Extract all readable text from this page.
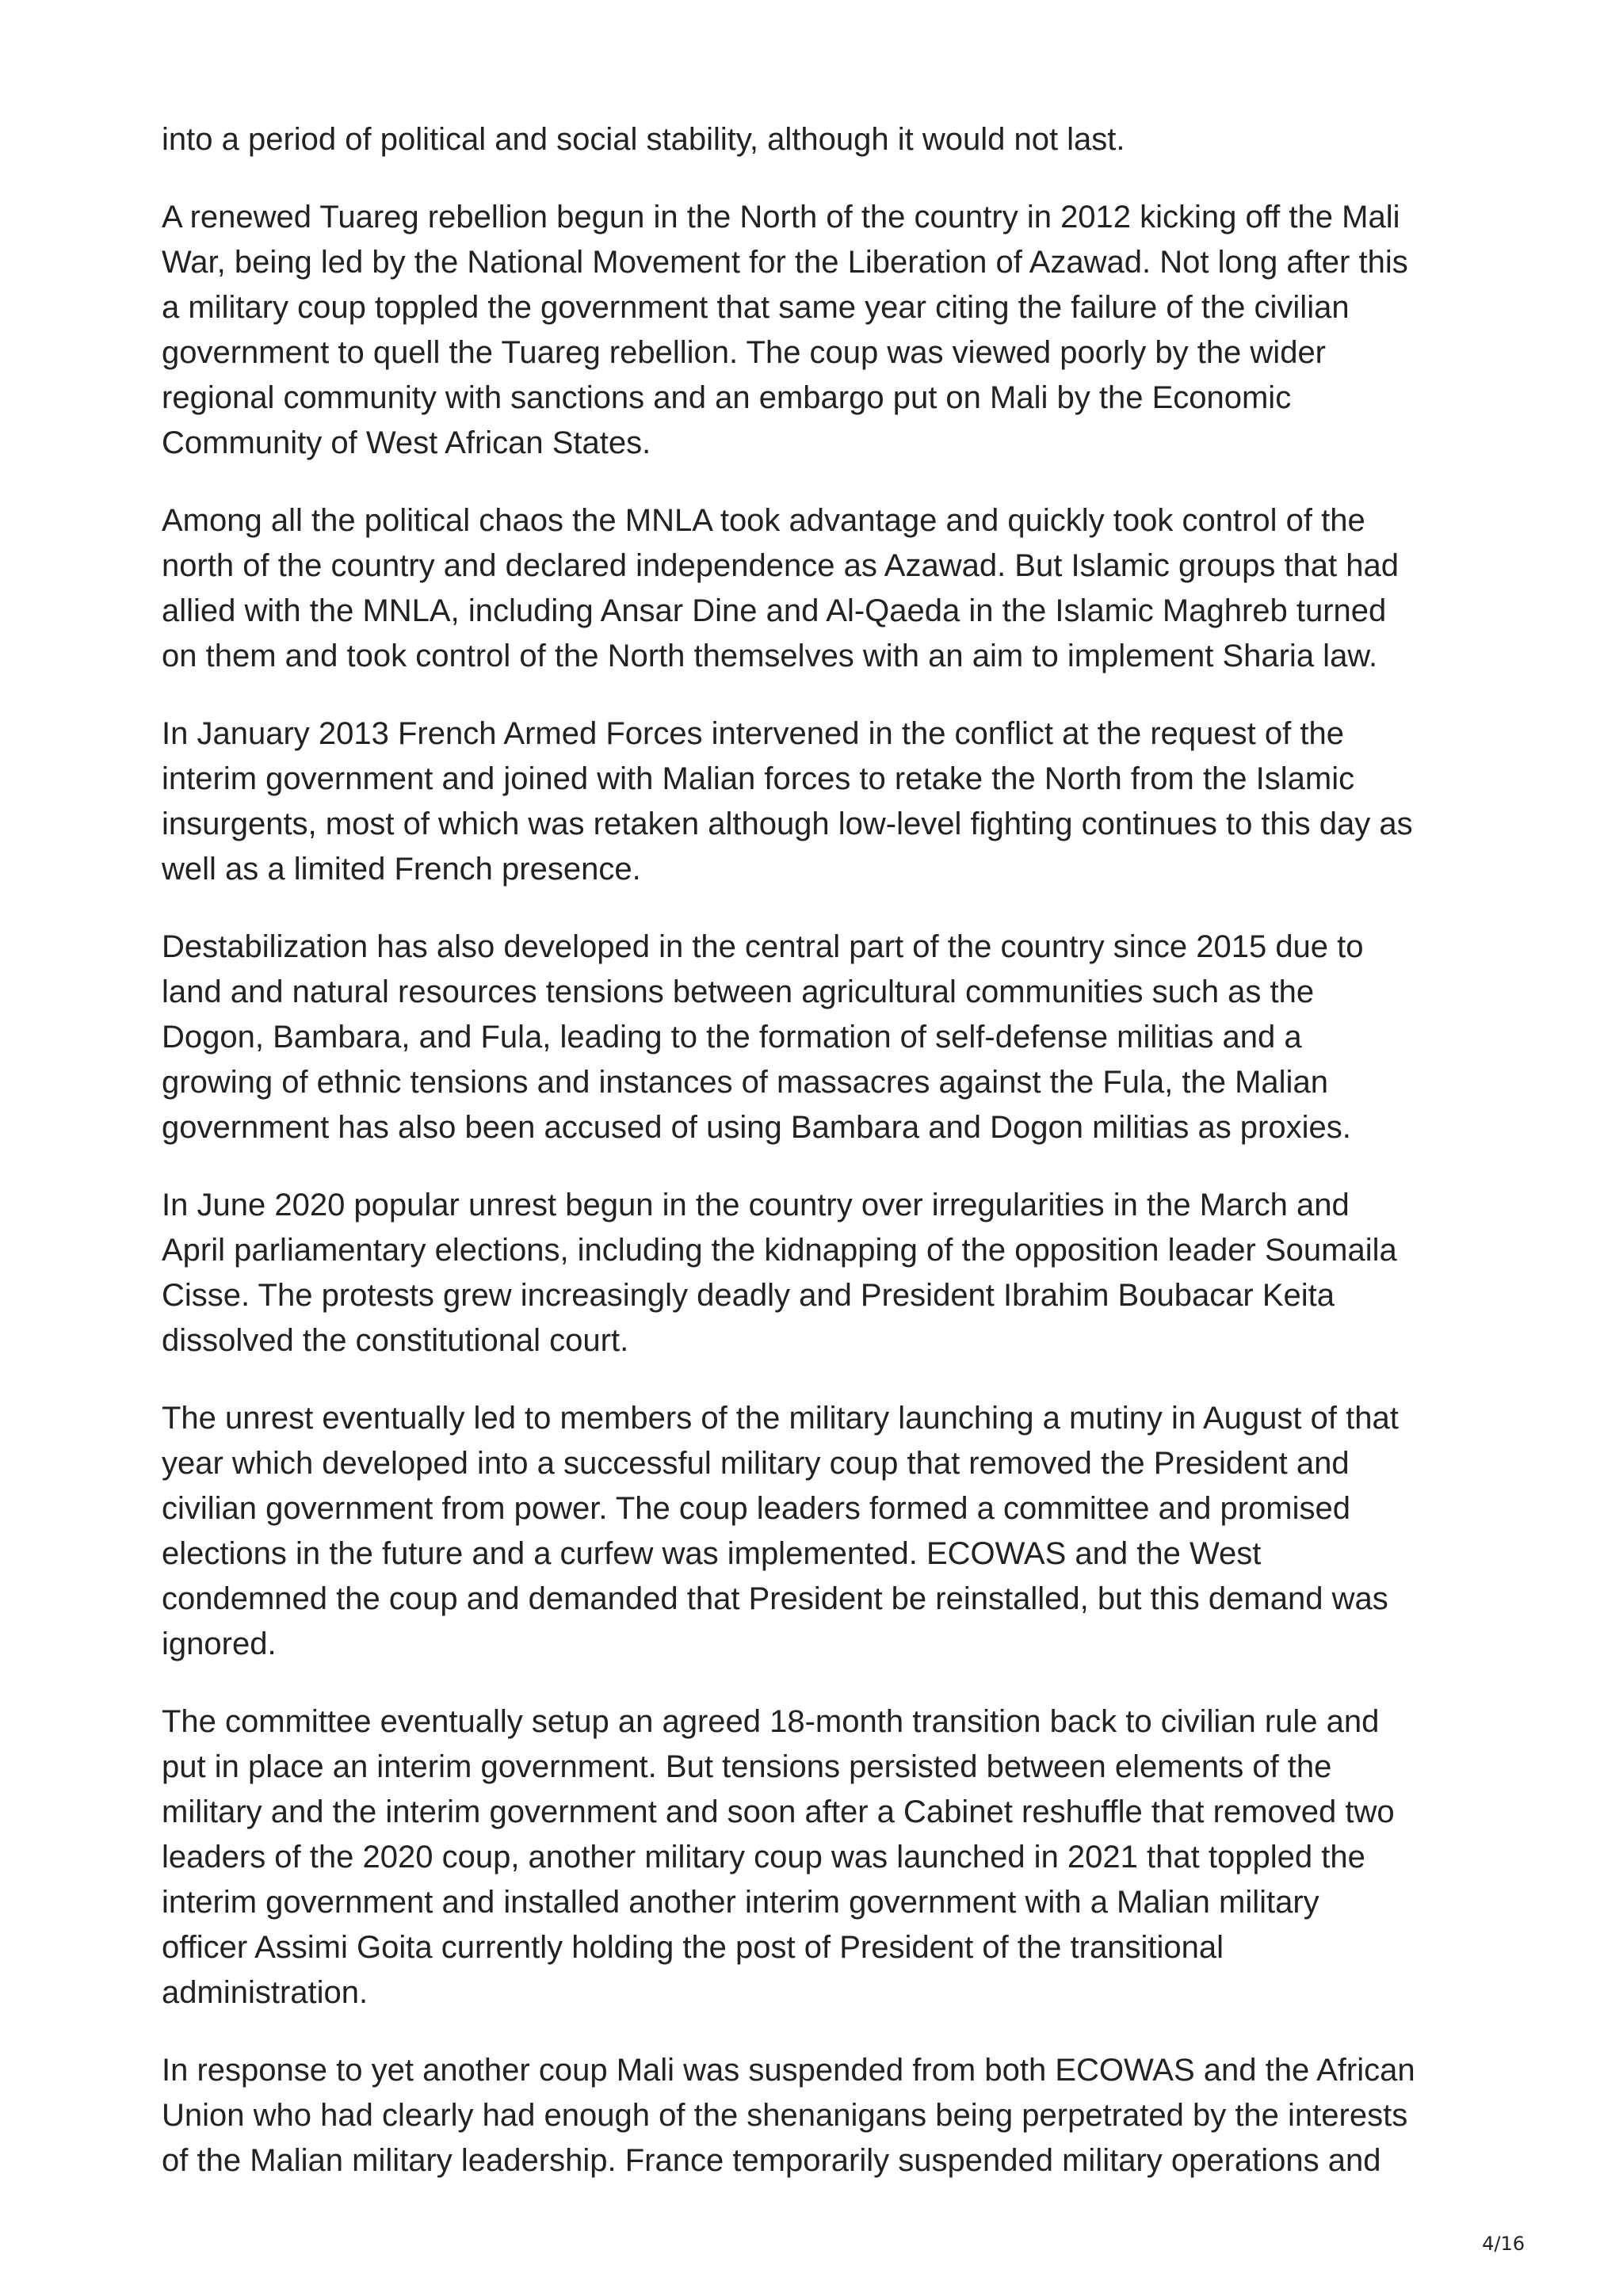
into a period of political and social stability, although it would not last.

A renewed Tuareg rebellion begun in the North of the country in 2012 kicking off the Mali
War, being led by the National Movement for the Liberation of Azawad. Not long after this
a military coup toppled the government that same year citing the failure of the civilian
government to quell the Tuareg rebellion. The coup was viewed poorly by the wider
regional community with sanctions and an embargo put on Mali by the Economic
Community of West African States.

Among all the political chaos the MNLA took advantage and quickly took control of the
north of the country and declared independence as Azawad. But Islamic groups that had
allied with the MNLA, including Ansar Dine and Al-Qaeda in the Islamic Maghreb turned
on them and took control of the North themselves with an aim to implement Sharia law.

In January 2013 French Armed Forces intervened in the conflict at the request of the
interim government and joined with Malian forces to retake the North from the Islamic
insurgents, most of which was retaken although low-level fighting continues to this day as
well as a limited French presence.

Destabilization has also developed in the central part of the country since 2015 due to
land and natural resources tensions between agricultural communities such as the
Dogon, Bambara, and Fula, leading to the formation of self-defense militias and a
growing of ethnic tensions and instances of massacres against the Fula, the Malian
government has also been accused of using Bambara and Dogon militias as proxies.

In June 2020 popular unrest begun in the country over irregularities in the March and
April parliamentary elections, including the kidnapping of the opposition leader Soumaila
Cisse. The protests grew increasingly deadly and President Ibrahim Boubacar Keita
dissolved the constitutional court.

The unrest eventually led to members of the military launching a mutiny in August of that
year which developed into a successful military coup that removed the President and
civilian government from power. The coup leaders formed a committee and promised
elections in the future and a curfew was implemented. ECOWAS and the West
condemned the coup and demanded that President be reinstalled, but this demand was
ignored.

The committee eventually setup an agreed 18-month transition back to civilian rule and
put in place an interim government. But tensions persisted between elements of the
military and the interim government and soon after a Cabinet reshuffle that removed two
leaders of the 2020 coup, another military coup was launched in 2021 that toppled the
interim government and installed another interim government with a Malian military
officer Assimi Goita currently holding the post of President of the transitional
administration.

In response to yet another coup Mali was suspended from both ECOWAS and the African
Union who had clearly had enough of the shenanigans being perpetrated by the interests
of the Malian military leadership. France temporarily suspended military operations and

4/16
